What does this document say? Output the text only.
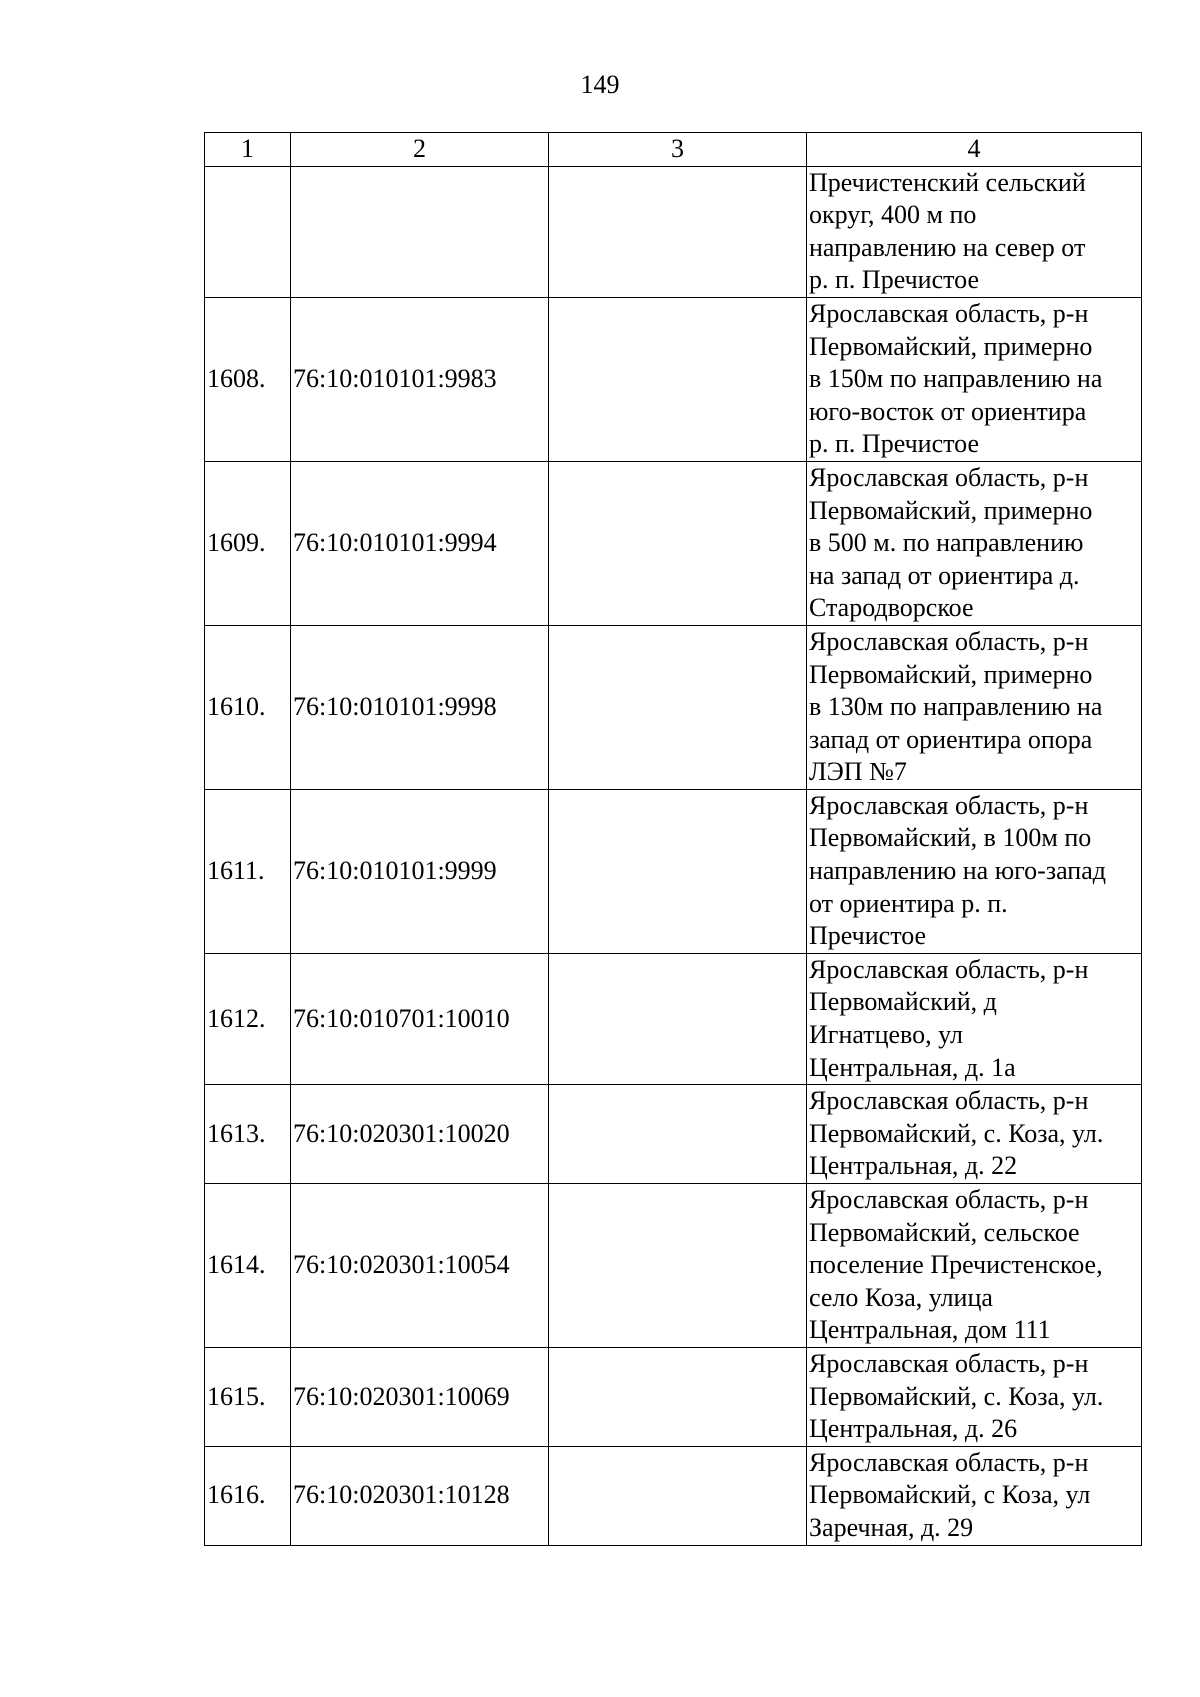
149
1	2	3	4

			Пречистенский сельский
округ, 400 м по
направлению на север от
р. п. Пречистое

1608.	76:10:010101:9983		Ярославская область, р-н
Первомайский, примерно
в 150м по направлению на
юго-восток от ориентира
р. п. Пречистое

1609.	76:10:010101:9994		Ярославская область, р-н
Первомайский, примерно
в 500 м. по направлению
на запад от ориентира д.
Стародворское

1610.	76:10:010101:9998		Ярославская область, р-н
Первомайский, примерно
в 130м по направлению на
запад от ориентира опора
ЛЭП №7

1611.	76:10:010101:9999		Ярославская область, р-н
Первомайский, в 100м по
направлению на юго-запад
от ориентира р. п.
Пречистое

1612.	76:10:010701:10010		Ярославская область, р-н
Первомайский, д
Игнатцево, ул
Центральная, д. 1а

1613.	76:10:020301:10020		Ярославская область, р-н
Первомайский, с. Коза, ул.
Центральная, д. 22

1614.	76:10:020301:10054		Ярославская область, р-н
Первомайский, сельское
поселение Пречистенское,
село Коза, улица
Центральная, дом 111

1615.	76:10:020301:10069		Ярославская область, р-н
Первомайский, с. Коза, ул.
Центральная, д. 26

1616.	76:10:020301:10128		Ярославская область, р-н
Первомайский, с Коза, ул
Заречная, д. 29
